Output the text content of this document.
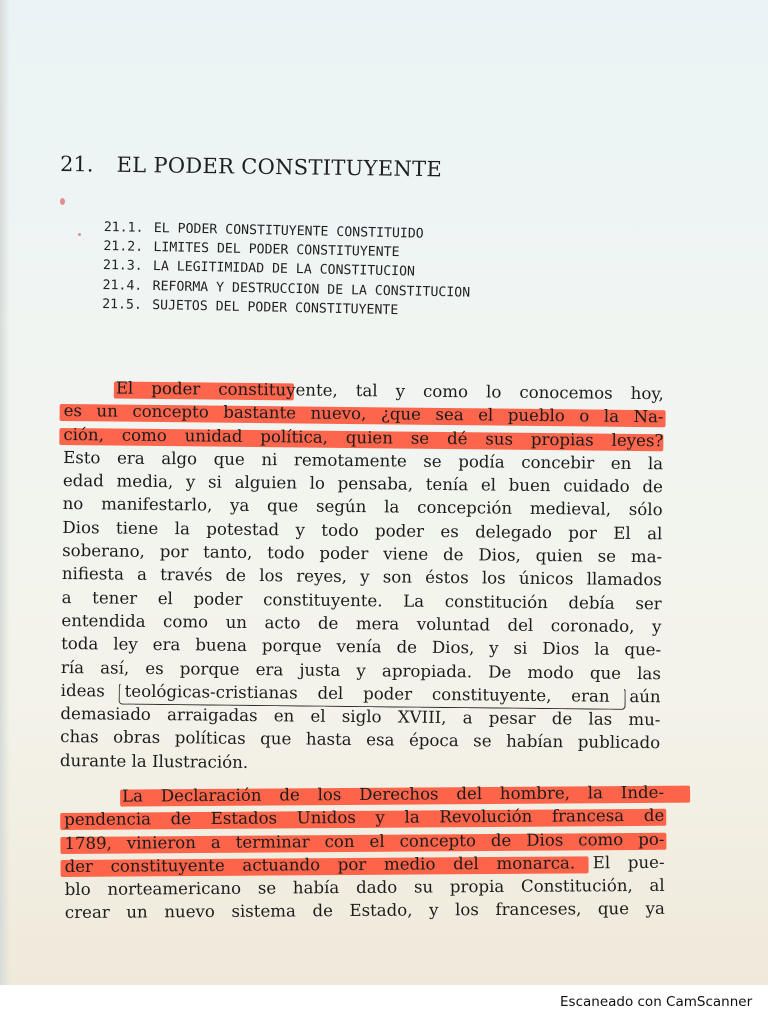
21. EL PODER CONSTITUYENTE
21.1. EL PODER CONSTITUYENTE CONSTITUIDO
21.2. LIMITES DEL PODER CONSTITUYENTE
21.3. LA LEGITIMIDAD DE LA CONSTITUCION
21.4. REFORMA Y DESTRUCCION DE LA CONSTITUCION
21.5. SUJETOS DEL PODER CONSTITUYENTE
El poder constituyente, tal y como lo conocemos hoy,
es un concepto bastante nuevo, ¿que sea el pueblo o la Na-
ción, como unidad política, quien se dé sus propias leyes?
Esto era algo que ni remotamente se podía concebir en la
edad media, y si alguien lo pensaba, tenía el buen cuidado de
no manifestarlo, ya que según la concepción medieval, sólo
Dios tiene la potestad y todo poder es delegado por El al
soberano, por tanto, todo poder viene de Dios, quien se ma-
nifiesta a través de los reyes, y son éstos los únicos llamados
a tener el poder constituyente. La constitución debía ser
entendida como un acto de mera voluntad del coronado, y
toda ley era buena porque venía de Dios, y si Dios la que-
ría así, es porque era justa y apropiada. De modo que las
ideas teológicas-cristianas del poder constituyente, eran aún
demasiado arraigadas en el siglo XVIII, a pesar de las mu-
chas obras políticas que hasta esa época se habían publicado
durante la Ilustración.
La Declaración de los Derechos del hombre, la Inde-
pendencia de Estados Unidos y la Revolución francesa de
1789, vinieron a terminar con el concepto de Dios como po-
der constituyente actuando por medio del monarca. El pue-
blo norteamericano se había dado su propia Constitución, al
crear un nuevo sistema de Estado, y los franceses, que ya
Escaneado con CamScanner
